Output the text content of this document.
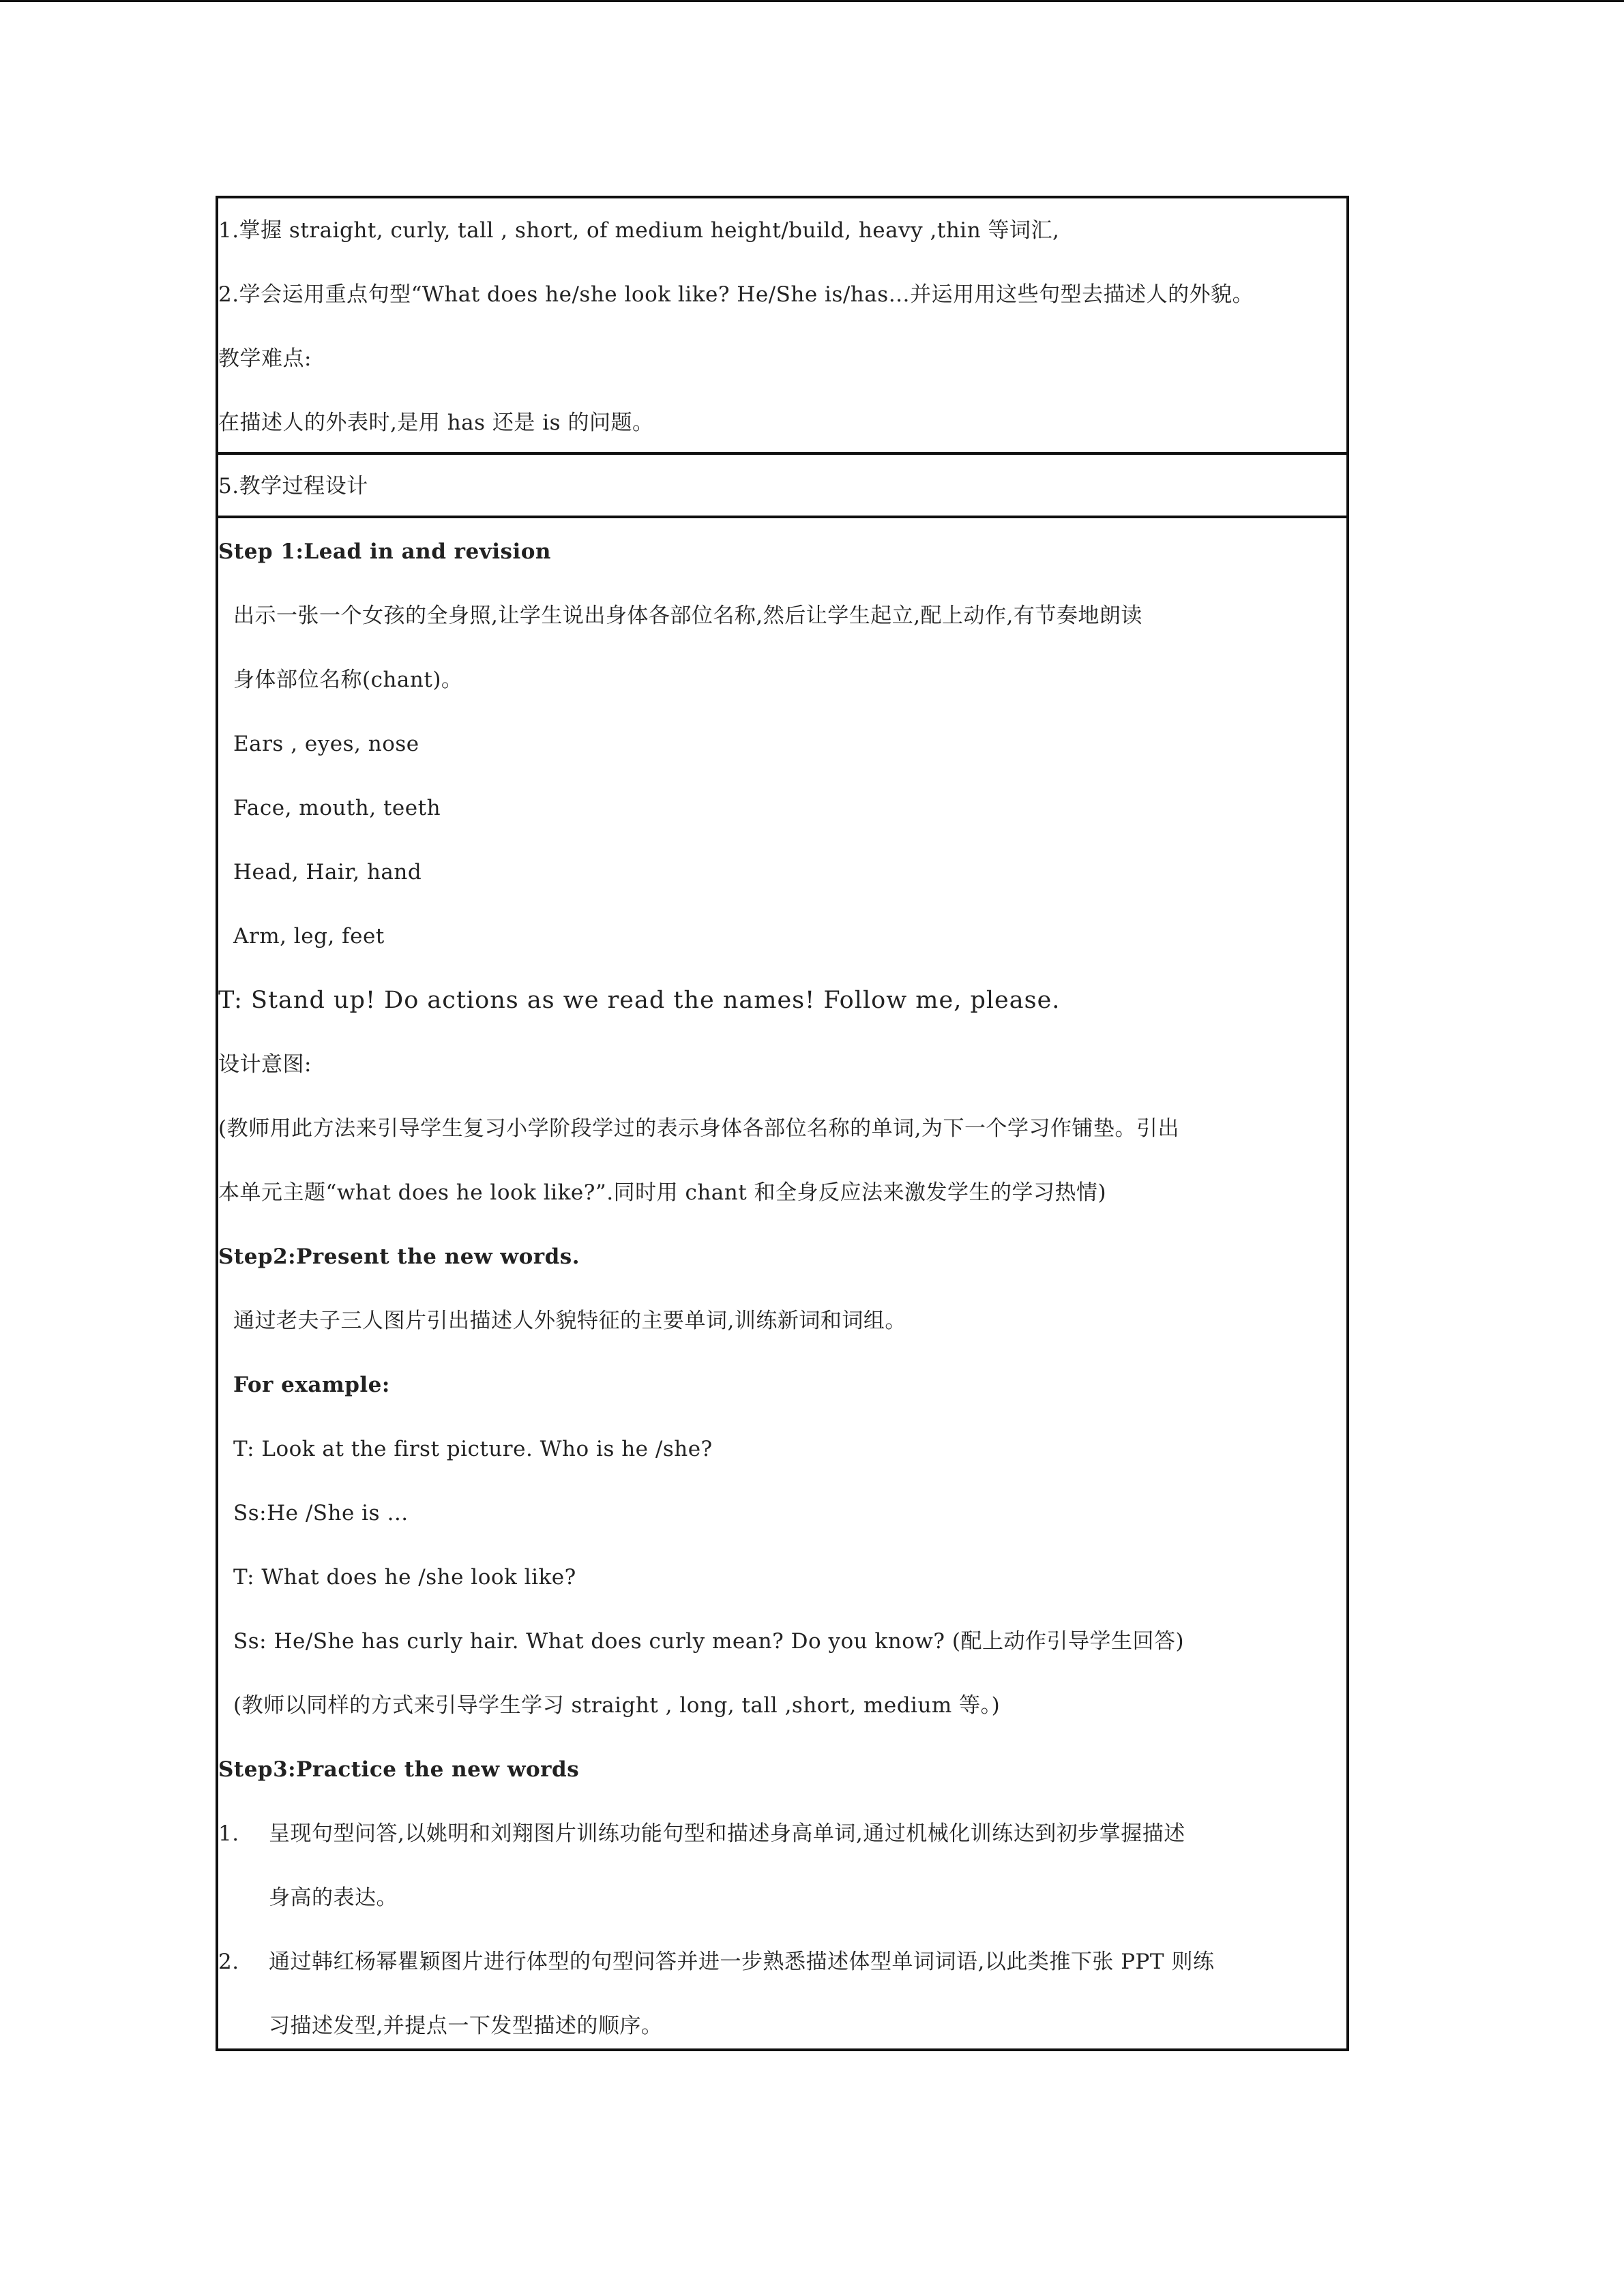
1.掌握 straight, curly, tall , short, of medium height/build, heavy ,thin 等词汇,
2.学会运用重点句型“What does he/she look like? He/She is/has…并运用用这些句型去描述人的外貌。
教学难点:
在描述人的外表时,是用 has 还是 is 的问题。
5.教学过程设计
Step 1:Lead in and revision
出示一张一个女孩的全身照,让学生说出身体各部位名称,然后让学生起立,配上动作,有节奏地朗读
身体部位名称(chant)。
Ears , eyes, nose
Face, mouth, teeth
Head, Hair, hand
Arm, leg, feet
T: Stand up! Do actions as we read the names! Follow me, please.
设计意图:
(教师用此方法来引导学生复习小学阶段学过的表示身体各部位名称的单词,为下一个学习作铺垫。引出
本单元主题“what does he look like?”.同时用 chant 和全身反应法来激发学生的学习热情)
Step2:Present the new words.
通过老夫子三人图片引出描述人外貌特征的主要单词,训练新词和词组。
For example:
T: Look at the first picture. Who is he /she?
Ss:He /She is …
T: What does he /she look like?
Ss: He/She has curly hair. What does curly mean? Do you know? (配上动作引导学生回答)
(教师以同样的方式来引导学生学习 straight , long, tall ,short, medium 等。)
Step3:Practice the new words
1.	呈现句型问答,以姚明和刘翔图片训练功能句型和描述身高单词,通过机械化训练达到初步掌握描述
身高的表达。
2.	通过韩红杨幂瞿颖图片进行体型的句型问答并进一步熟悉描述体型单词词语,以此类推下张 PPT 则练
习描述发型,并提点一下发型描述的顺序。
